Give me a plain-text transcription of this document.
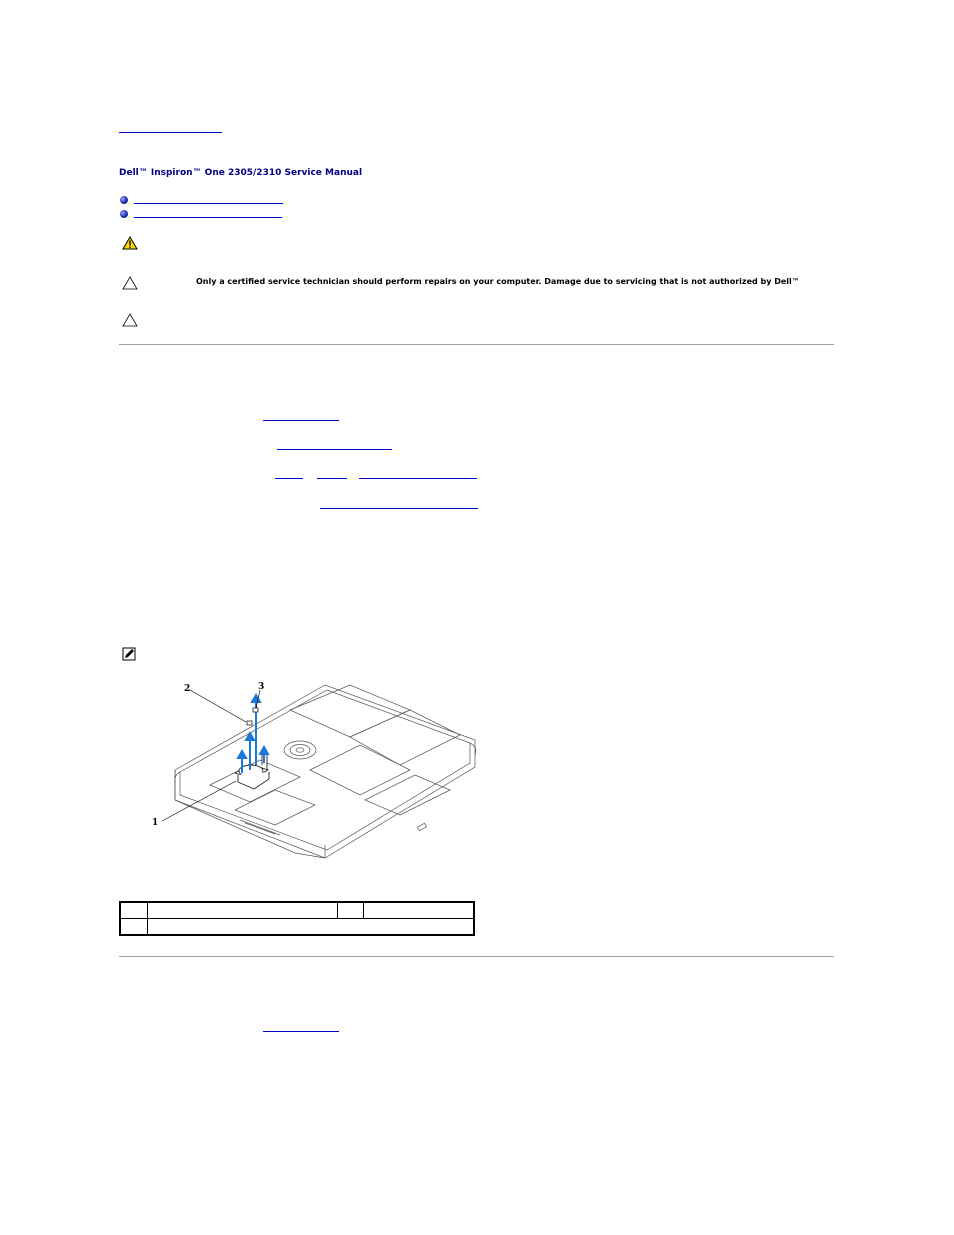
Dell™ Inspiron™ One 2305/2310 Service Manual
Only a certified service technician should perform repairs on your computer. Damage due to servicing that is not authorized by Dell™
2	3
1
